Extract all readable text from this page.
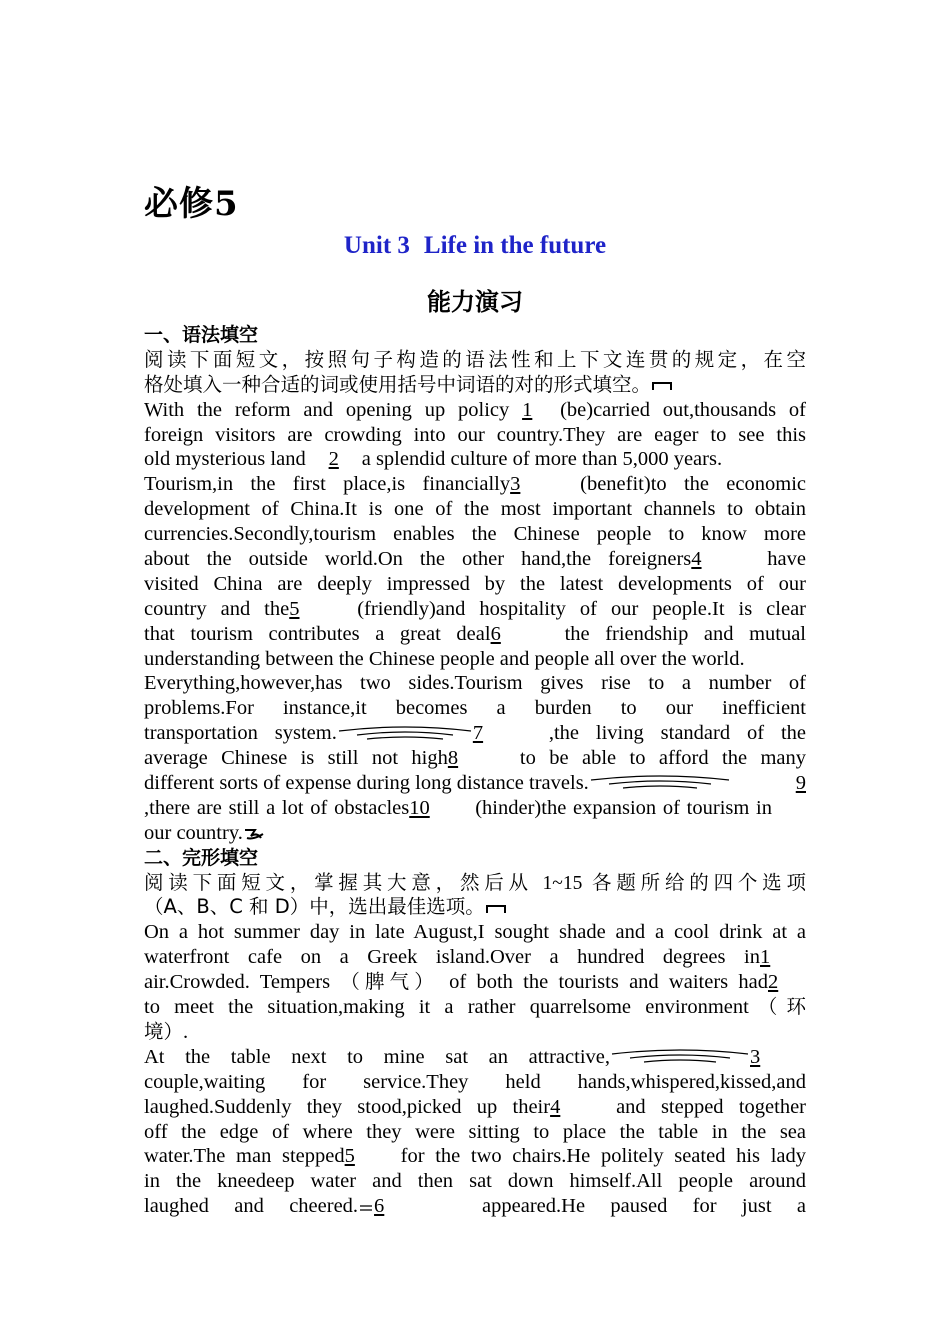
必修5
Unit 3 Life in the future
能力演习
一、语法填空
阅读下面短文，按照句子构造的语法性和上下文连贯的规定，在空
格处填入一种合适的词或使用括号中词语的对的形式填空。
With the reform and opening up policy 1 (be)carried out,thousands of
foreign visitors are crowding into our country.They are eager to see this
old mysterious land 2 a splendid culture of more than 5,000 years.
Tourism,in the first place,is financially3	(benefit)to the economic
development of China.It is one of the most important channels to obtain
currencies.Secondly,tourism enables the Chinese people to know more
about the outside world.On the other hand,the foreigners4	have
visited China are deeply impressed by the latest developments of our
country and the5	(friendly)and hospitality of our people.It is clear
that tourism contributes a great deal6	the friendship and mutual
understanding between the Chinese people and people all over the world.
Everything,however,has two sides.Tourism gives rise to a number of
problems.For instance,it becomes a burden to our inefficient
transportation system.	7	,the living standard of the
average Chinese is still not high8	to be able to afford the many
different sorts of expense during long distance travels.	9
,there are still a lot of obstacles10 (hinder)the expansion of tourism in
our country.
二、完形填空
阅读下面短文，掌握其大意，然后从 1~15 各题所给的四个选项
（A、B、C 和 D）中，选出最佳选项。
On a hot summer day in late August,I sought shade and a cool drink at a
waterfront cafe on a Greek island.Over a hundred degrees in1
air.Crowded. Tempers （脾气） of both the tourists and waiters had2
to meet the situation,making it a rather quarrelsome environment（环
境）.
At the table next to mine sat an attractive,	3
couple,waiting for service.They held hands,whispered,kissed,and
laughed.Suddenly they stood,picked up their4	and stepped together
off the edge of where they were sitting to place the table in the sea
water.The man stepped5 for the two chairs.He politely seated his lady
in the kneedeep water and then sat down himself.All people around
laughed and cheered. 6	appeared.He paused for just a
